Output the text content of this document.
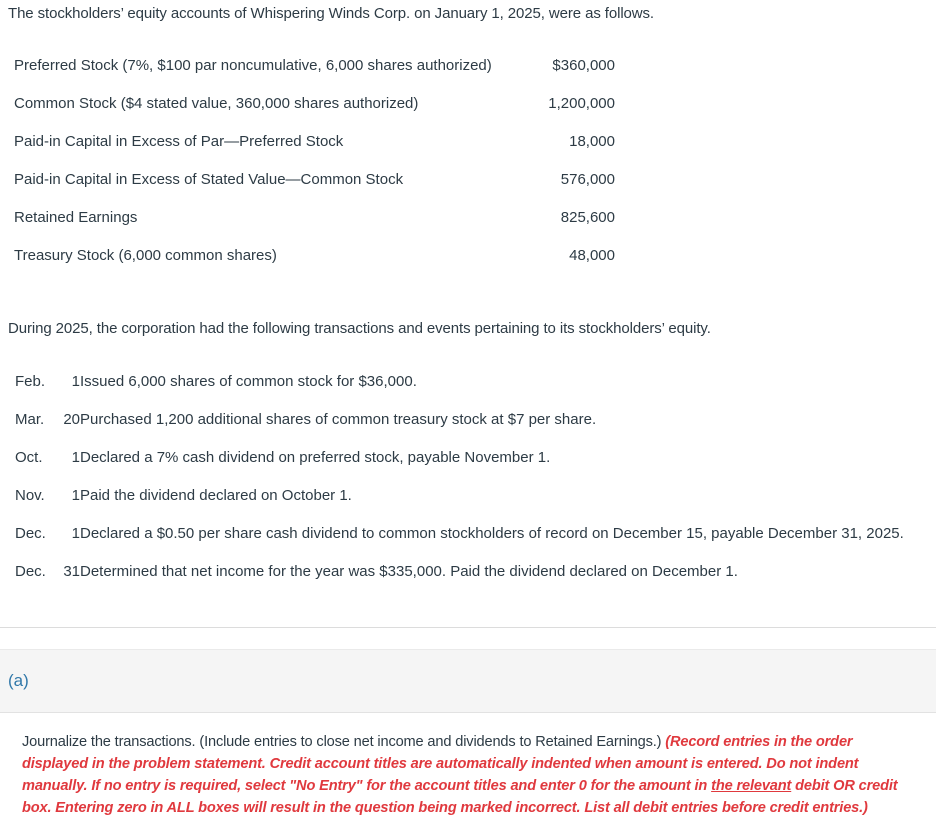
The stockholders’ equity accounts of Whispering Winds Corp. on January 1, 2025, were as follows.

Preferred Stock (7%, $100 par noncumulative, 6,000 shares authorized)	$360,000
Common Stock ($4 stated value, 360,000 shares authorized)	1,200,000
Paid-in Capital in Excess of Par—Preferred Stock	18,000
Paid-in Capital in Excess of Stated Value—Common Stock	576,000
Retained Earnings	825,600
Treasury Stock (6,000 common shares)	48,000

During 2025, the corporation had the following transactions and events pertaining to its stockholders’ equity.

Feb.	1	Issued 6,000 shares of common stock for $36,000.
Mar.	20	Purchased 1,200 additional shares of common treasury stock at $7 per share.
Oct.	1	Declared a 7% cash dividend on preferred stock, payable November 1.
Nov.	1	Paid the dividend declared on October 1.
Dec.	1	Declared a $0.50 per share cash dividend to common stockholders of record on December 15, payable December 31, 2025.
Dec.	31	Determined that net income for the year was $335,000. Paid the dividend declared on December 1.
(a)

Journalize the transactions. (Include entries to close net income and dividends to Retained Earnings.) (Record entries in the order displayed in the problem statement. Credit account titles are automatically indented when amount is entered. Do not indent manually. If no entry is required, select "No Entry" for the account titles and enter 0 for the amount in the relevant debit OR credit box. Entering zero in ALL boxes will result in the question being marked incorrect. List all debit entries before credit entries.)
